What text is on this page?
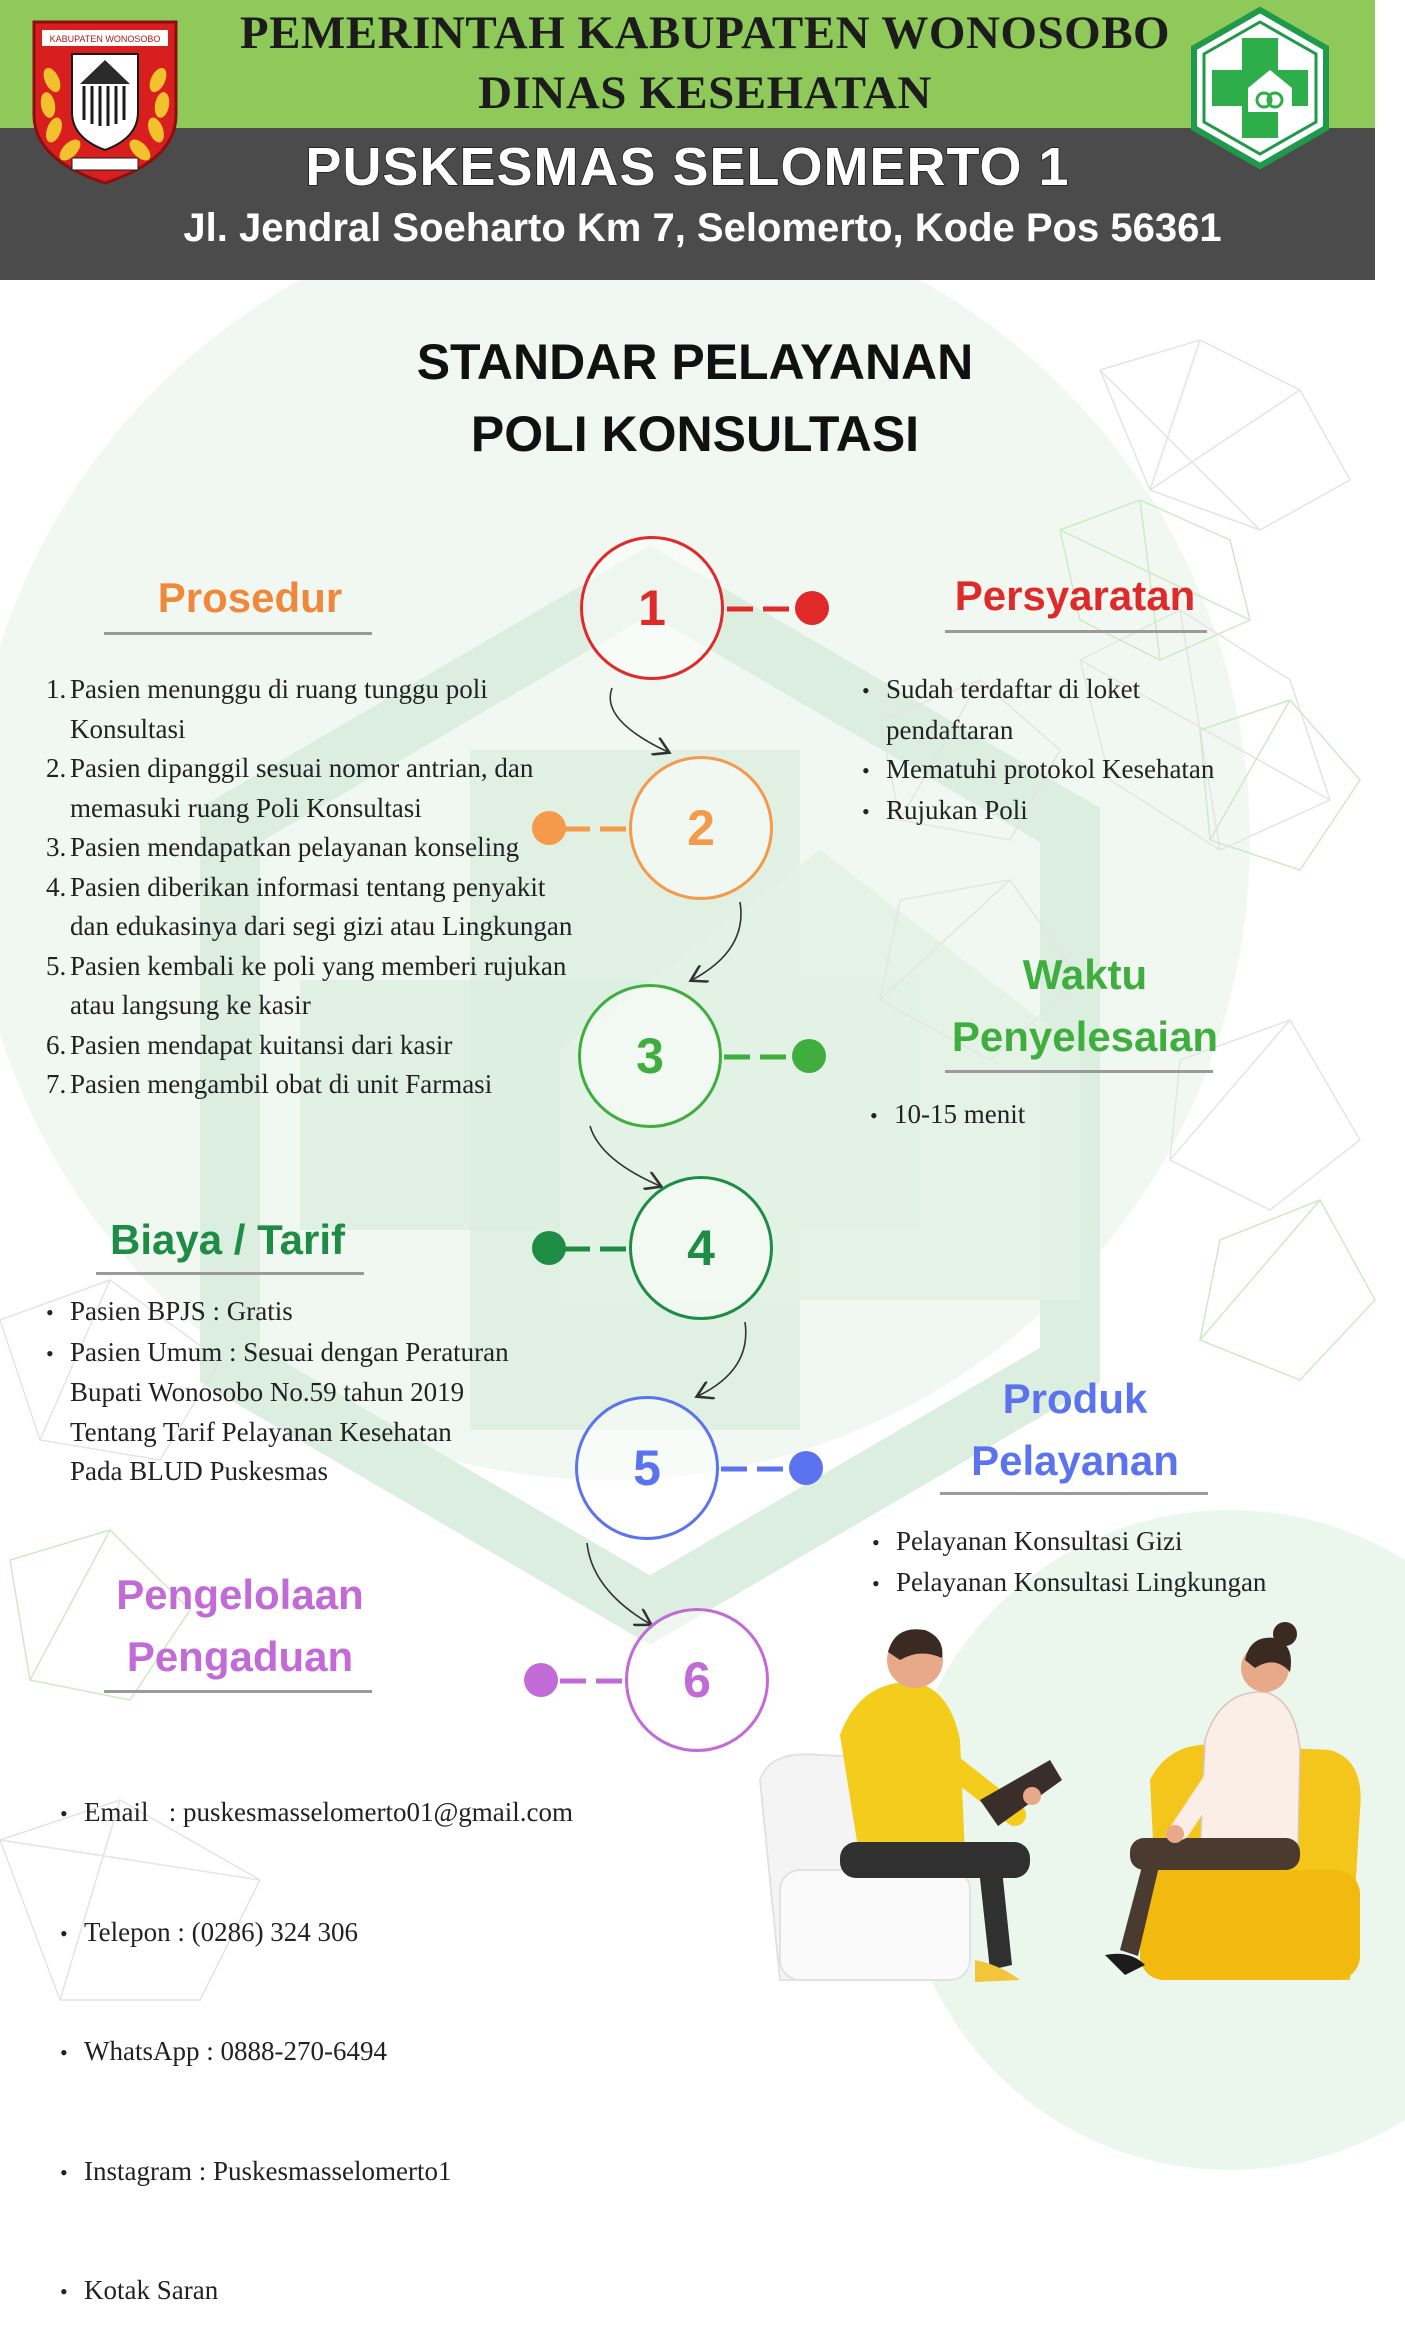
PEMERINTAH KABUPATEN WONOSOBO
DINAS KESEHATAN
PUSKESMAS SELOMERTO 1
Jl. Jendral Soeharto Km 7, Selomerto, Kode Pos 56361
KABUPATEN WONOSOBO
STANDAR PELAYANAN
POLI KONSULTASI
1
2
3
4
5
6
Prosedur
1. Pasien menunggu di ruang tunggu poli
Konsultasi
2. Pasien dipanggil sesuai nomor antrian, dan
memasuki ruang Poli Konsultasi
3. Pasien mendapatkan pelayanan konseling
4. Pasien diberikan informasi tentang penyakit
dan edukasinya dari segi gizi atau Lingkungan
5. Pasien kembali ke poli yang memberi rujukan
atau langsung ke kasir
6. Pasien mendapat kuitansi dari kasir
7. Pasien mengambil obat di unit Farmasi
Persyaratan
• Sudah terdaftar di loket
pendaftaran
• Mematuhi protokol Kesehatan
• Rujukan Poli
Waktu
Penyelesaian
• 10-15 menit
Biaya / Tarif
• Pasien BPJS : Gratis
• Pasien Umum : Sesuai dengan Peraturan
Bupati Wonosobo No.59 tahun 2019
Tentang Tarif Pelayanan Kesehatan
Pada BLUD Puskesmas
Produk
Pelayanan
• Pelayanan Konsultasi Gizi
• Pelayanan Konsultasi Lingkungan
Pengelolaan
Pengaduan

• Email   : puskesmasselomerto01@gmail.com

• Telepon : (0286) 324 306

• WhatsApp : 0888-270-6494

• Instagram : Puskesmasselomerto1

• Kotak Saran
